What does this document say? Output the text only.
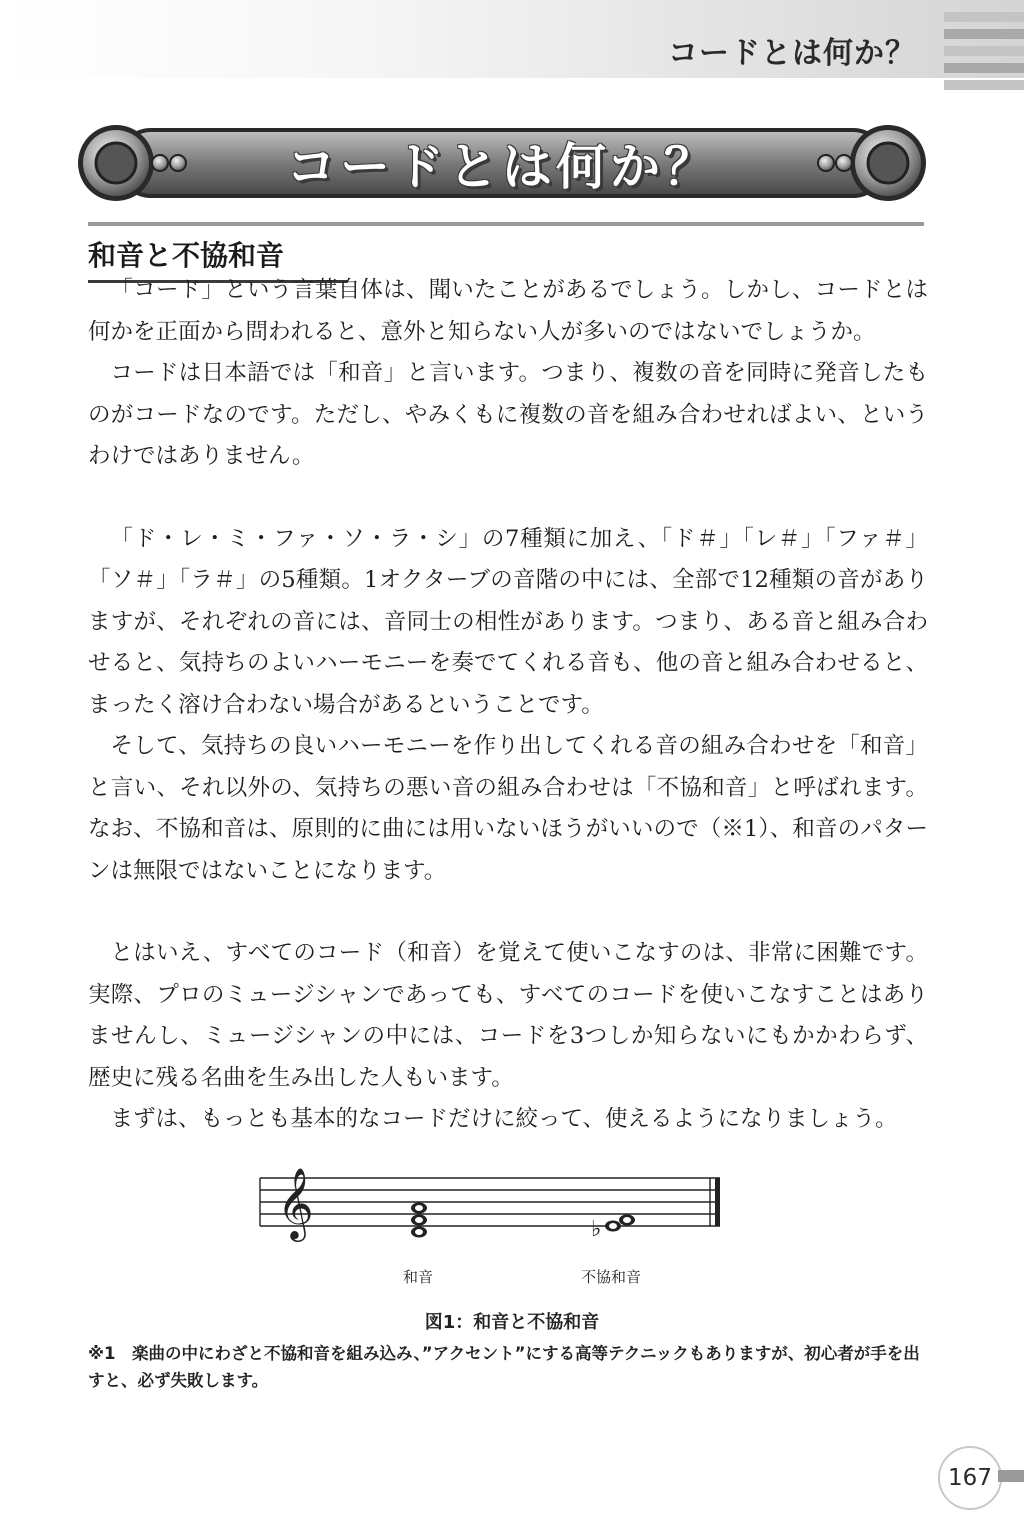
コードとは何か？
コードとは何か？
和音と不協和音

「コード」という言葉自体は、聞いたことがあるでしょう。しかし、コードとは何かを正面から問われると、意外と知らない人が多いのではないでしょうか。

コードは日本語では「和音」と言います。つまり、複数の音を同時に発音したものがコードなのです。ただし、やみくもに複数の音を組み合わせればよい、というわけではありません。

「ド・レ・ミ・ファ・ソ・ラ・シ」の7種類に加え、「ド＃」「レ＃」「ファ＃」「ソ＃」「ラ＃」の5種類。1オクターブの音階の中には、全部で12種類の音がありますが、それぞれの音には、音同士の相性があります。つまり、ある音と組み合わせると、気持ちのよいハーモニーを奏でてくれる音も、他の音と組み合わせると、まったく溶け合わない場合があるということです。

そして、気持ちの良いハーモニーを作り出してくれる音の組み合わせを「和音」と言い、それ以外の、気持ちの悪い音の組み合わせは「不協和音」と呼ばれます。なお、不協和音は、原則的に曲には用いないほうがいいので（※1）、和音のパターンは無限ではないことになります。

とはいえ、すべてのコード（和音）を覚えて使いこなすのは、非常に困難です。実際、プロのミュージシャンであっても、すべてのコードを使いこなすことはありませんし、ミュージシャンの中には、コードを3つしか知らないにもかかわらず、歴史に残る名曲を生み出した人もいます。

まずは、もっとも基本的なコードだけに絞って、使えるようになりましょう。

𝄞	♭
和音	不協和音
図1：和音と不協和音
※1　楽曲の中にわざと不協和音を組み込み、”アクセント”にする高等テクニックもありますが、初心者が手を出すと、必ず失敗します。
167
